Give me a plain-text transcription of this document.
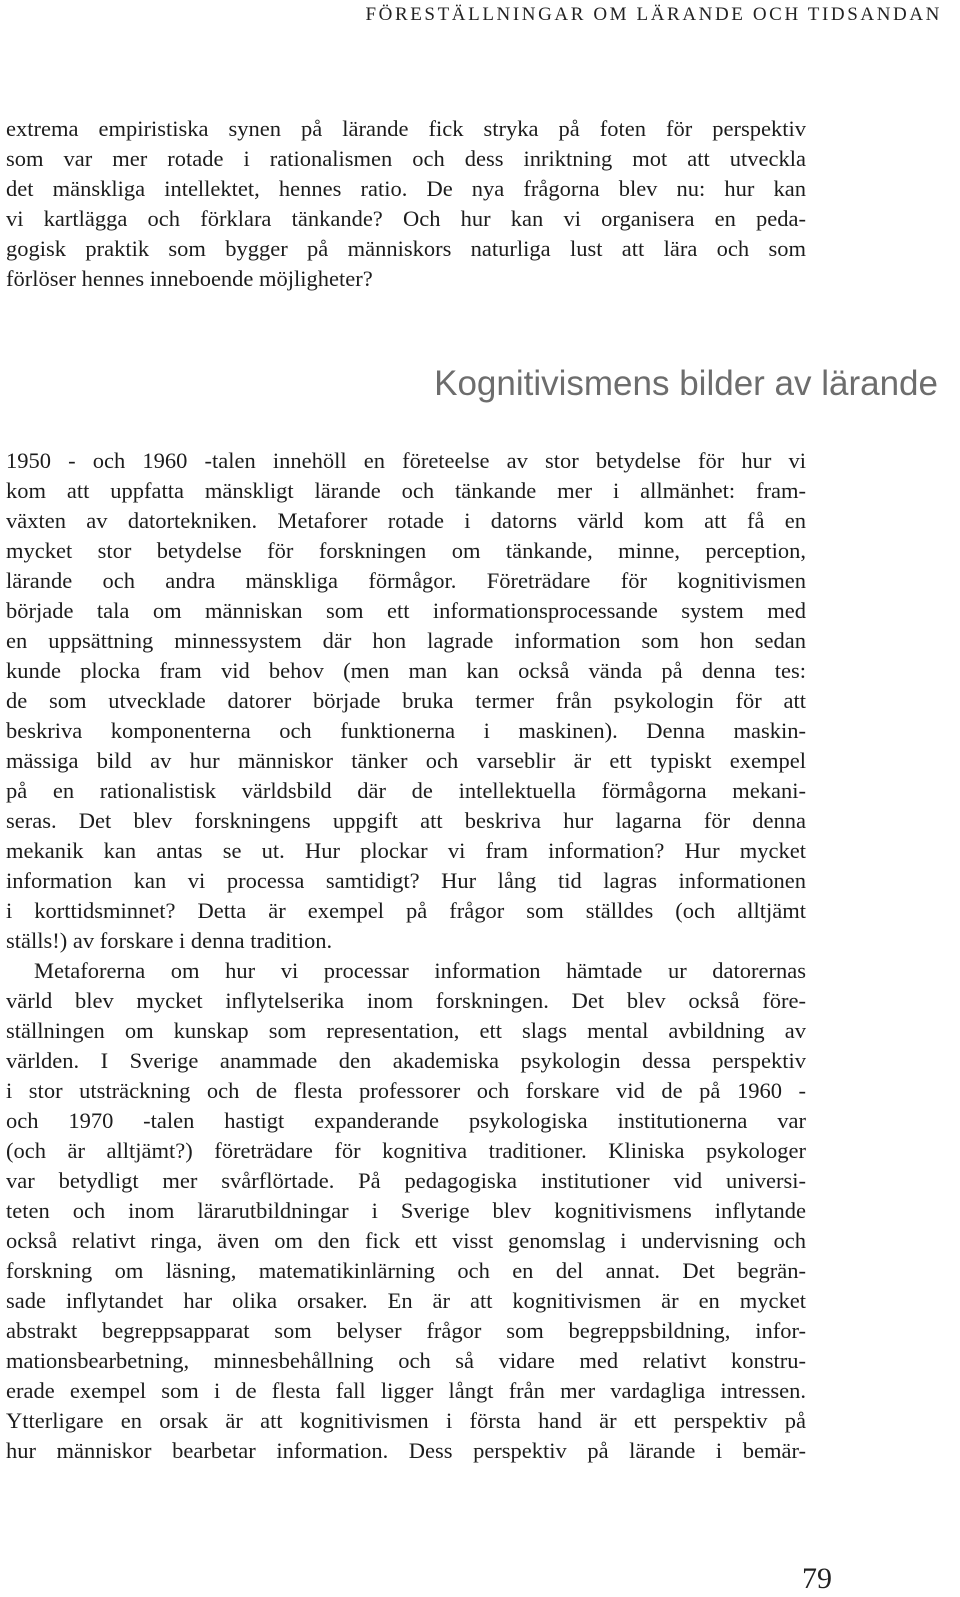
FÖRESTÄLLNINGAR OM LÄRANDE OCH TIDSANDAN
extrema empiristiska synen på lärande fick stryka på foten för perspektiv
som var mer rotade i rationalismen och dess inriktning mot att utveckla
det mänskliga intellektet, hennes ratio. De nya frågorna blev nu: hur kan
vi kartlägga och förklara tänkande? Och hur kan vi organisera en peda-
gogisk praktik som bygger på människors naturliga lust att lära och som
förlöser hennes inneboende möjligheter?
Kognitivismens bilder av lärande
1950 - och 1960 -talen innehöll en företeelse av stor betydelse för hur vi
kom att uppfatta mänskligt lärande och tänkande mer i allmänhet: fram-
växten av datortekniken. Metaforer rotade i datorns värld kom att få en
mycket stor betydelse för forskningen om tänkande, minne, perception,
lärande och andra mänskliga förmågor. Företrädare för kognitivismen
började tala om människan som ett informationsprocessande system med
en uppsättning minnessystem där hon lagrade information som hon sedan
kunde plocka fram vid behov (men man kan också vända på denna tes:
de som utvecklade datorer började bruka termer från psykologin för att
beskriva komponenterna och funktionerna i maskinen). Denna maskin-
mässiga bild av hur människor tänker och varseblir är ett typiskt exempel
på en rationalistisk världsbild där de intellektuella förmågorna mekani-
seras. Det blev forskningens uppgift att beskriva hur lagarna för denna
mekanik kan antas se ut. Hur plockar vi fram information? Hur mycket
information kan vi processa samtidigt? Hur lång tid lagras informationen
i korttidsminnet? Detta är exempel på frågor som ställdes (och alltjämt
ställs!) av forskare i denna tradition.
Metaforerna om hur vi processar information hämtade ur datorernas
värld blev mycket inflytelserika inom forskningen. Det blev också före-
ställningen om kunskap som representation, ett slags mental avbildning av
världen. I Sverige anammade den akademiska psykologin dessa perspektiv
i stor utsträckning och de flesta professorer och forskare vid de på 1960 -
och 1970 -talen hastigt expanderande psykologiska institutionerna var
(och är alltjämt?) företrädare för kognitiva traditioner. Kliniska psykologer
var betydligt mer svårflörtade. På pedagogiska institutioner vid universi-
teten och inom lärarutbildningar i Sverige blev kognitivismens inflytande
också relativt ringa, även om den fick ett visst genomslag i undervisning och
forskning om läsning, matematikinlärning och en del annat. Det begrän-
sade inflytandet har olika orsaker. En är att kognitivismen är en mycket
abstrakt begreppsapparat som belyser frågor som begreppsbildning, infor-
mationsbearbetning, minnesbehållning och så vidare med relativt konstru-
erade exempel som i de flesta fall ligger långt från mer vardagliga intressen.
Ytterligare en orsak är att kognitivismen i första hand är ett perspektiv på
hur människor bearbetar information. Dess perspektiv på lärande i bemär-
79
